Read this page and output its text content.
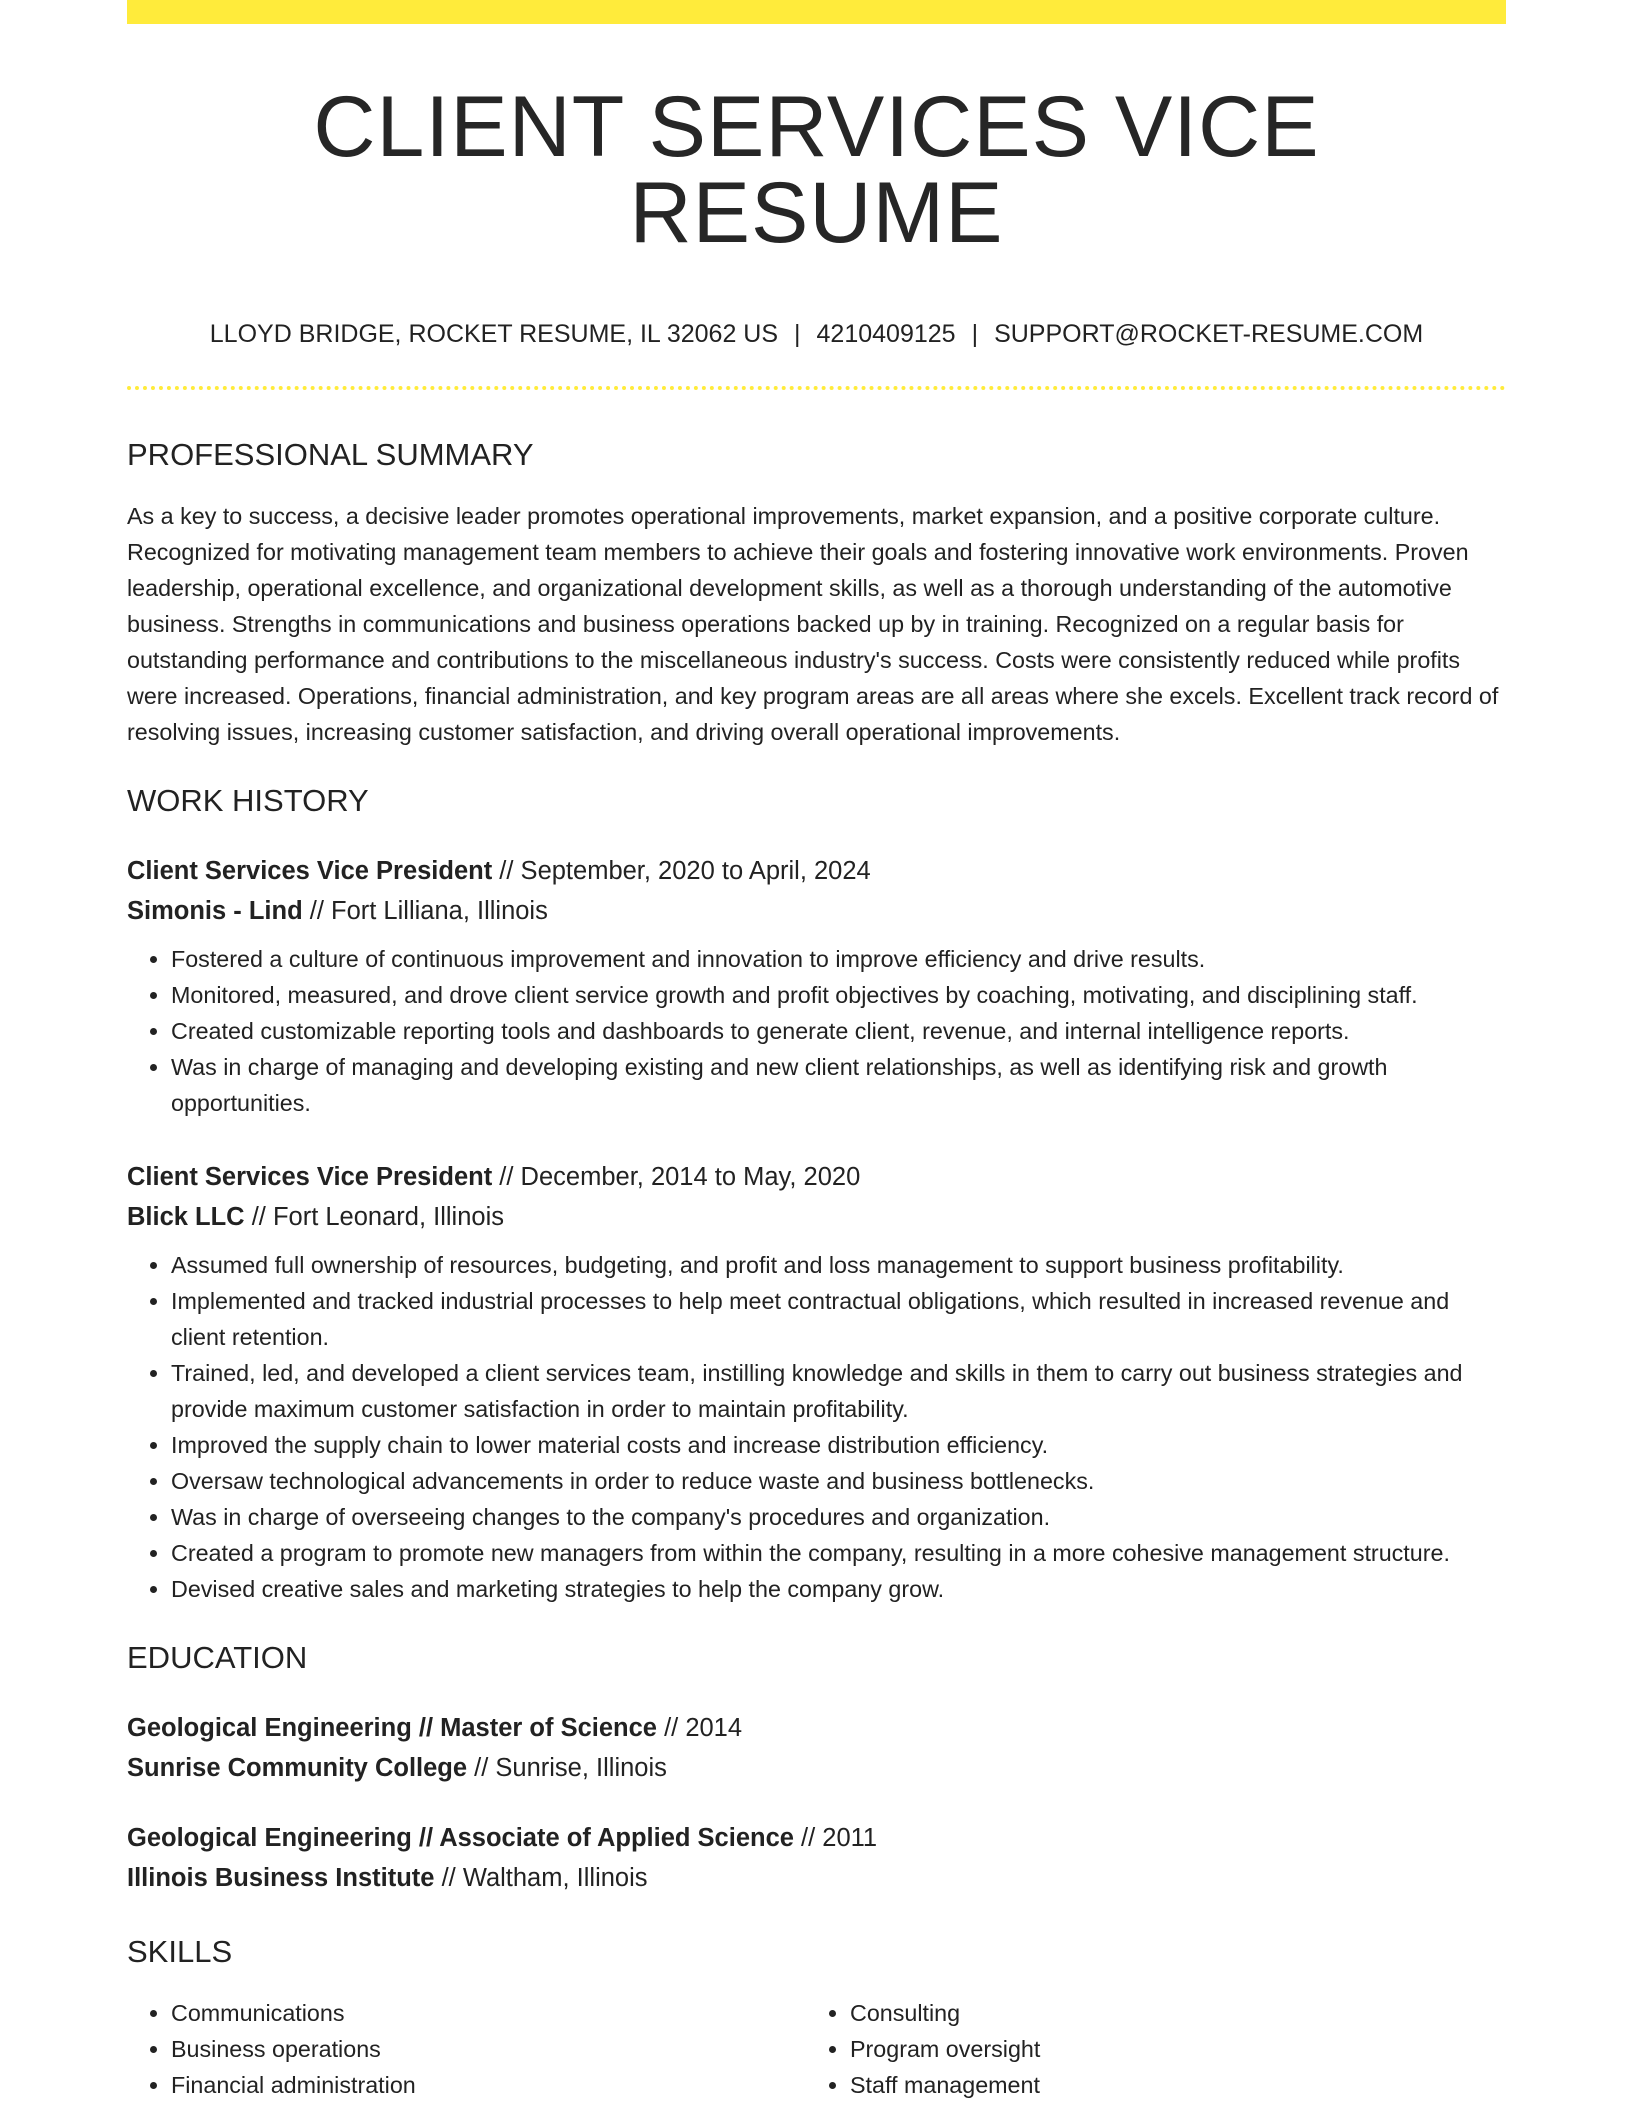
CLIENT SERVICES VICE RESUME
LLOYD BRIDGE, ROCKET RESUME, IL 32062 US | 4210409125 | SUPPORT@ROCKET-RESUME.COM
PROFESSIONAL SUMMARY

As a key to success, a decisive leader promotes operational improvements, market expansion, and a positive corporate culture. Recognized for motivating management team members to achieve their goals and fostering innovative work environments. Proven leadership, operational excellence, and organizational development skills, as well as a thorough understanding of the automotive business. Strengths in communications and business operations backed up by in training. Recognized on a regular basis for outstanding performance and contributions to the miscellaneous industry's success. Costs were consistently reduced while profits were increased. Operations, financial administration, and key program areas are all areas where she excels. Excellent track record of resolving issues, increasing customer satisfaction, and driving overall operational improvements.

WORK HISTORY
Client Services Vice President // September, 2020 to April, 2024
Simonis - Lind // Fort Lilliana, Illinois
• Fostered a culture of continuous improvement and innovation to improve efficiency and drive results.
• Monitored, measured, and drove client service growth and profit objectives by coaching, motivating, and disciplining staff.
• Created customizable reporting tools and dashboards to generate client, revenue, and internal intelligence reports.
• Was in charge of managing and developing existing and new client relationships, as well as identifying risk and growth opportunities.
Client Services Vice President // December, 2014 to May, 2020
Blick LLC // Fort Leonard, Illinois
• Assumed full ownership of resources, budgeting, and profit and loss management to support business profitability.
• Implemented and tracked industrial processes to help meet contractual obligations, which resulted in increased revenue and client retention.
• Trained, led, and developed a client services team, instilling knowledge and skills in them to carry out business strategies and provide maximum customer satisfaction in order to maintain profitability.
• Improved the supply chain to lower material costs and increase distribution efficiency.
• Oversaw technological advancements in order to reduce waste and business bottlenecks.
• Was in charge of overseeing changes to the company's procedures and organization.
• Created a program to promote new managers from within the company, resulting in a more cohesive management structure.
• Devised creative sales and marketing strategies to help the company grow.
EDUCATION
Geological Engineering // Master of Science // 2014
Sunrise Community College // Sunrise, Illinois
Geological Engineering // Associate of Applied Science // 2011
Illinois Business Institute // Waltham, Illinois
SKILLS
• Communications
• Business operations
• Financial administration
• Consulting
• Program oversight
• Staff management
